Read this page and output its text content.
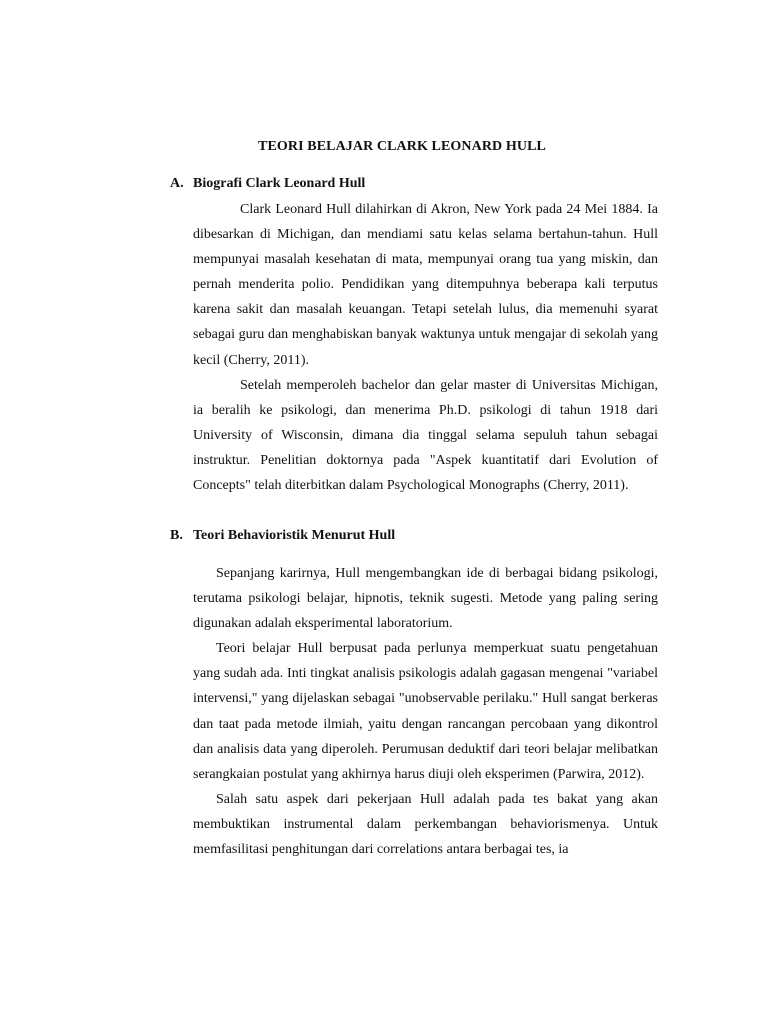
TEORI BELAJAR CLARK LEONARD HULL
A. Biografi Clark Leonard Hull

Clark Leonard Hull dilahirkan di Akron, New York pada 24 Mei 1884. Ia dibesarkan di Michigan, dan mendiami satu kelas selama bertahun-tahun. Hull mempunyai masalah kesehatan di mata, mempunyai orang tua yang miskin, dan pernah menderita polio. Pendidikan yang ditempuhnya beberapa kali terputus karena sakit dan masalah keuangan. Tetapi setelah lulus, dia memenuhi syarat sebagai guru dan menghabiskan banyak waktunya untuk mengajar di sekolah yang kecil (Cherry, 2011).

Setelah memperoleh bachelor dan gelar master di Universitas Michigan, ia beralih ke psikologi, dan menerima Ph.D. psikologi di tahun 1918 dari University of Wisconsin, dimana dia tinggal selama sepuluh tahun sebagai instruktur. Penelitian doktornya pada "Aspek kuantitatif dari Evolution of Concepts" telah diterbitkan dalam Psychological Monographs (Cherry, 2011).

B. Teori Behavioristik Menurut Hull

Sepanjang karirnya, Hull mengembangkan ide di berbagai bidang psikologi, terutama psikologi belajar, hipnotis, teknik sugesti. Metode yang paling sering digunakan adalah eksperimental laboratorium.

Teori belajar Hull berpusat pada perlunya memperkuat suatu pengetahuan yang sudah ada. Inti tingkat analisis psikologis adalah gagasan mengenai "variabel intervensi," yang dijelaskan sebagai "unobservable perilaku." Hull sangat berkeras dan taat pada metode ilmiah, yaitu dengan rancangan percobaan yang dikontrol dan analisis data yang diperoleh. Perumusan deduktif dari teori belajar melibatkan serangkaian postulat yang akhirnya harus diuji oleh eksperimen (Parwira, 2012).

Salah satu aspek dari pekerjaan Hull adalah pada tes bakat yang akan membuktikan instrumental dalam perkembangan behaviorismenya. Untuk memfasilitasi penghitungan dari correlations antara berbagai tes, ia
